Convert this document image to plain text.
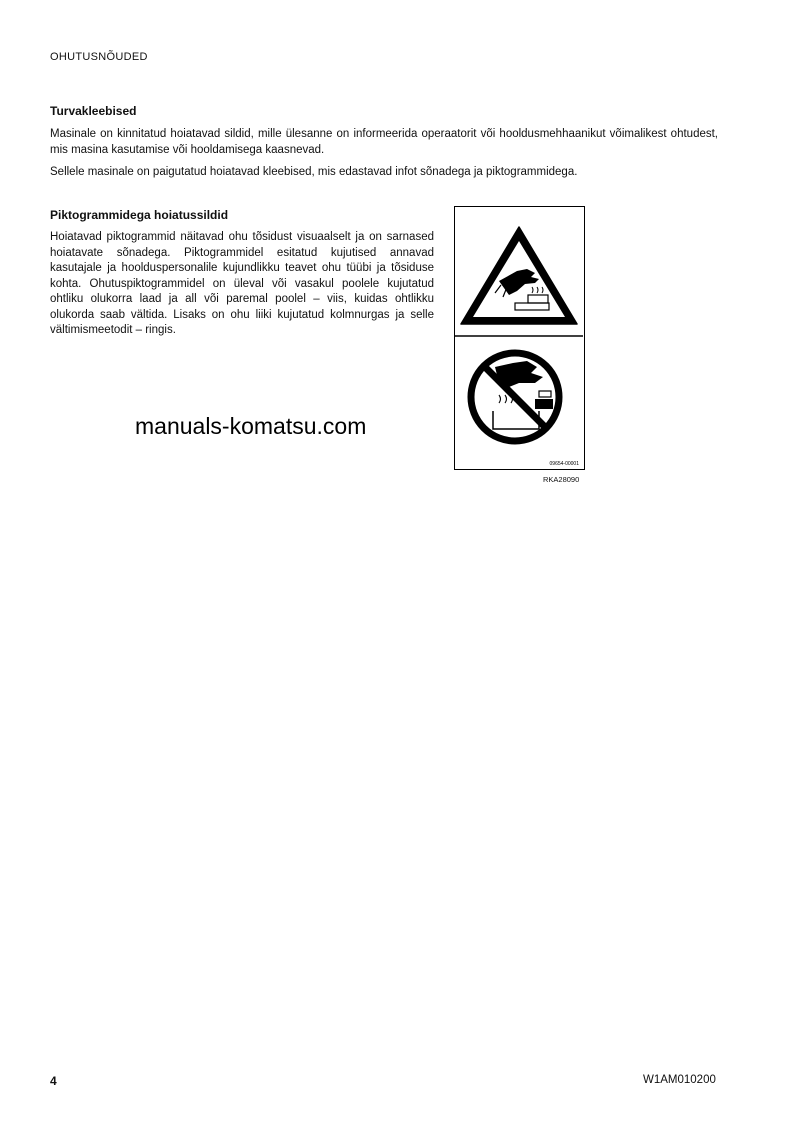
OHUTUSNÕUDED
Turvakleebised

Masinale on kinnitatud hoiatavad sildid, mille ülesanne on informeerida operaatorit või hooldusmehhaanikut võimalikest ohtudest, mis masina kasutamise või hooldamisega kaasnevad.

Sellele masinale on paigutatud hoiatavad kleebised, mis edastavad infot sõnadega ja piktogrammidega.

Piktogrammidega hoiatussildid

Hoiatavad piktogrammid näitavad ohu tõsidust visuaalselt ja on sarnased hoiatavate sõnadega. Piktogrammidel esitatud kujutised annavad kasutajale ja hoolduspersonalile kujundlikku teavet ohu tüübi ja tõsiduse kohta. Ohutuspiktogrammidel on üleval või vasakul poolele kujutatud ohtliku olukorra laad ja all või paremal poolel – viis, kuidas ohtlikku olukorda saab vältida. Lisaks on ohu liiki kujutatud kolmnurgas ja selle vältimismeetodit – ringis.

manuals-komatsu.com
09654-00001
RKA28090
4	W1AM010200
